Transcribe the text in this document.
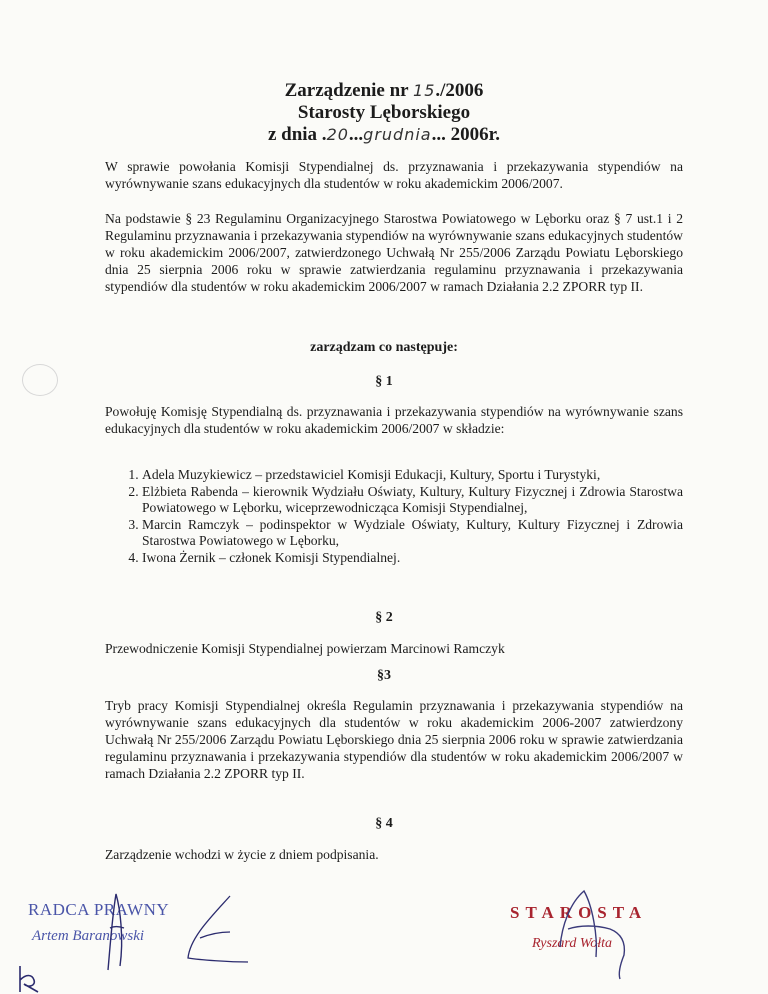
Zarządzenie nr 15./2006
Starosty Lęborskiego
z dnia .20...grudnia... 2006r.
W sprawie powołania Komisji Stypendialnej ds. przyznawania i przekazywania stypendiów na wyrównywanie szans edukacyjnych dla studentów w roku akademickim 2006/2007.
Na podstawie § 23 Regulaminu Organizacyjnego Starostwa Powiatowego w Lęborku oraz § 7 ust.1 i 2 Regulaminu przyznawania i przekazywania stypendiów na wyrównywanie szans edukacyjnych studentów w roku akademickim 2006/2007, zatwierdzonego Uchwałą Nr 255/2006 Zarządu Powiatu Lęborskiego dnia 25 sierpnia 2006 roku w sprawie zatwierdzania regulaminu przyznawania i przekazywania stypendiów dla studentów w roku akademickim 2006/2007 w ramach Działania 2.2 ZPORR typ II.
zarządzam co następuje:
§ 1
Powołuję Komisję Stypendialną ds. przyznawania i przekazywania stypendiów na wyrównywanie szans edukacyjnych dla studentów w roku akademickim 2006/2007 w składzie:
1. Adela Muzykiewicz – przedstawiciel Komisji Edukacji, Kultury, Sportu i Turystyki,
2. Elżbieta Rabenda – kierownik Wydziału Oświaty, Kultury, Kultury Fizycznej i Zdrowia Starostwa Powiatowego w Lęborku, wiceprzewodnicząca Komisji Stypendialnej,
3. Marcin Ramczyk – podinspektor w Wydziale Oświaty, Kultury, Kultury Fizycznej i Zdrowia Starostwa Powiatowego w Lęborku,
4. Iwona Żernik – członek Komisji Stypendialnej.
§ 2
Przewodniczenie Komisji Stypendialnej powierzam Marcinowi Ramczyk
§3
Tryb pracy Komisji Stypendialnej określa Regulamin przyznawania i przekazywania stypendiów na wyrównywanie szans edukacyjnych dla studentów w roku akademickim 2006-2007 zatwierdzony Uchwałą Nr 255/2006 Zarządu Powiatu Lęborskiego dnia 25 sierpnia 2006 roku w sprawie zatwierdzania regulaminu przyznawania i przekazywania stypendiów dla studentów w roku akademickim 2006/2007 w ramach Działania 2.2 ZPORR typ II.
§ 4
Zarządzenie wchodzi w życie z dniem podpisania.
RADCA PRAWNY
Artem Baranowski
STAROSTA
Ryszard Wołta
